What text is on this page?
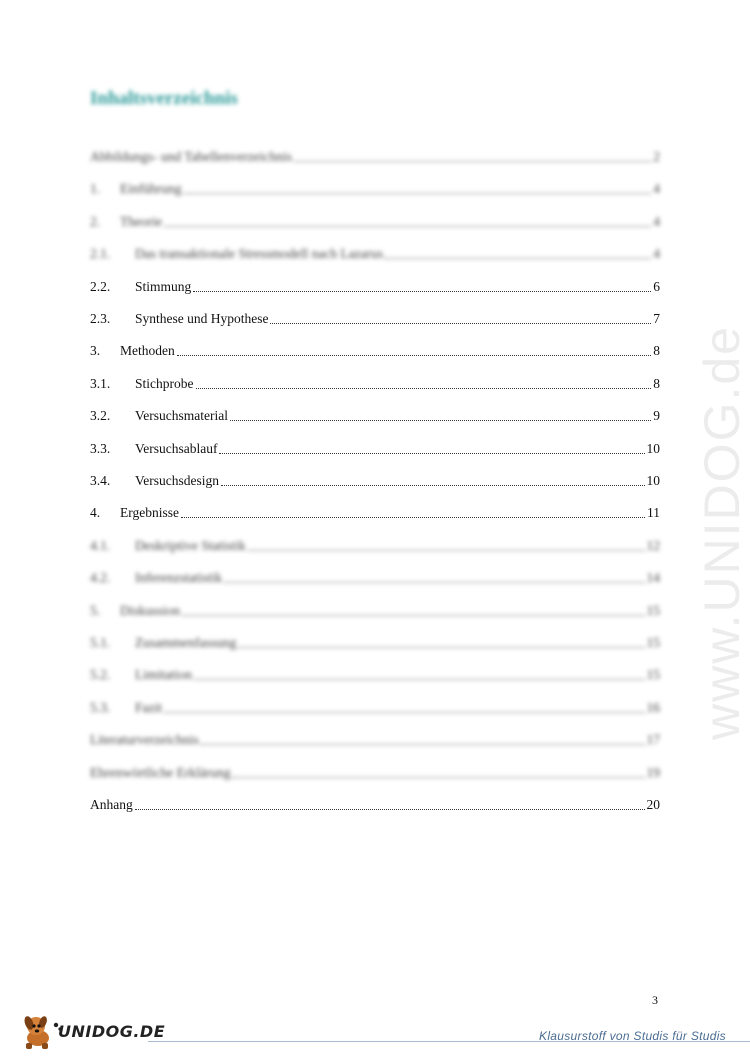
Inhaltsverzeichnis
Abbildungs- und Tabellenverzeichnis	2
1.	Einführung	4
2.	Theorie	4
2.1.	Das transaktionale Stressmodell nach Lazarus	4
2.2.	Stimmung	6
2.3.	Synthese und Hypothese	7
3.	Methoden	8
3.1.	Stichprobe	8
3.2.	Versuchsmaterial	9
3.3.	Versuchsablauf	10
3.4.	Versuchsdesign	10
4.	Ergebnisse	11
4.1.	Deskriptive Statistik	12
4.2.	Inferenzstatistik	14
5.	Diskussion	15
5.1.	Zusammenfassung	15
5.2.	Limitation	15
5.3.	Fazit	16
Literaturverzeichnis	17
Ehrenwörtliche Erklärung	19
Anhang	20
www.UNIDOG.de
3
UNIDOG.DE	Klausurstoff von Studis für Studis
